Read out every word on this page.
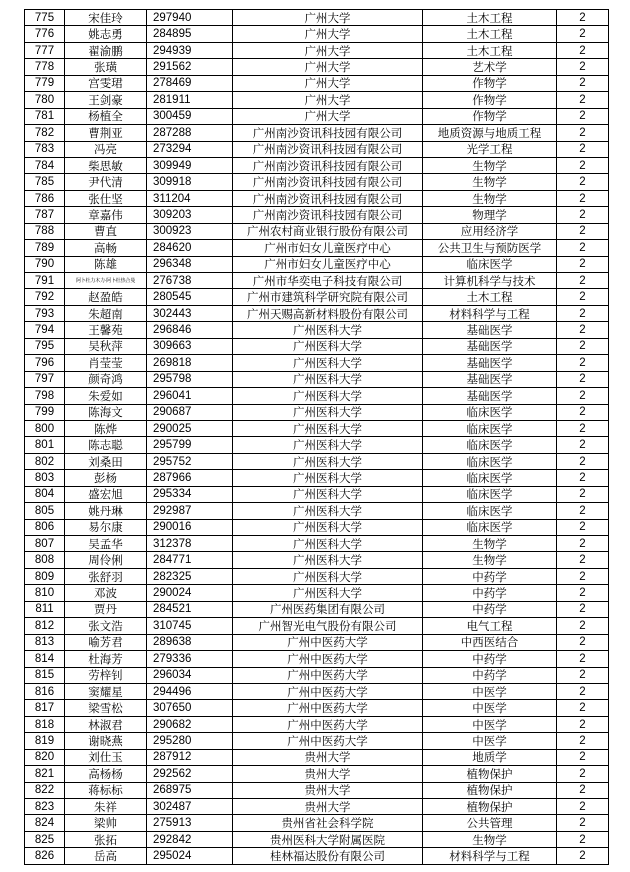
775	宋佳玲	297940	广州大学	土木工程	2
776	姚志勇	284895	广州大学	土木工程	2
777	翟渝鹏	294939	广州大学	土木工程	2
778	张璜	291562	广州大学	艺术学	2
779	宫雯珺	278469	广州大学	作物学	2
780	王剑豪	281911	广州大学	作物学	2
781	杨植全	300459	广州大学	作物学	2
782	曹荆亚	287288	广州南沙资讯科技园有限公司	地质资源与地质工程	2
783	冯亮	273294	广州南沙资讯科技园有限公司	光学工程	2
784	柴思敏	309949	广州南沙资讯科技园有限公司	生物学	2
785	尹代清	309918	广州南沙资讯科技园有限公司	生物学	2
786	张仕坚	311204	广州南沙资讯科技园有限公司	生物学	2
787	章嘉伟	309203	广州南沙资讯科技园有限公司	物理学	2
788	曹直	300923	广州农村商业银行股份有限公司	应用经济学	2
789	高畅	284620	广州市妇女儿童医疗中心	公共卫生与预防医学	2
790	陈雄	296348	广州市妇女儿童医疗中心	临床医学	2
791	阿卜杜力木力·阿卜杜热合曼	276738	广州市华奕电子科技有限公司	计算机科学与技术	2
792	赵盈皓	280545	广州市建筑科学研究院有限公司	土木工程	2
793	朱超南	302443	广州天赐高新材料股份有限公司	材料科学与工程	2
794	王馨苑	296846	广州医科大学	基础医学	2
795	吴秋萍	309663	广州医科大学	基础医学	2
796	肖莹莹	269818	广州医科大学	基础医学	2
797	颜奇鸿	295798	广州医科大学	基础医学	2
798	朱爱如	296041	广州医科大学	基础医学	2
799	陈海文	290687	广州医科大学	临床医学	2
800	陈烨	290025	广州医科大学	临床医学	2
801	陈志聪	295799	广州医科大学	临床医学	2
802	刘桑田	295752	广州医科大学	临床医学	2
803	彭杨	287966	广州医科大学	临床医学	2
804	盛宏旭	295334	广州医科大学	临床医学	2
805	姚丹琳	292987	广州医科大学	临床医学	2
806	易尔康	290016	广州医科大学	临床医学	2
807	吴孟华	312378	广州医科大学	生物学	2
808	周伶俐	284771	广州医科大学	生物学	2
809	张舒羽	282325	广州医科大学	中药学	2
810	邓波	290024	广州医科大学	中药学	2
811	贾丹	284521	广州医药集团有限公司	中药学	2
812	张文浩	310745	广州智光电气股份有限公司	电气工程	2
813	喻芳君	289638	广州中医药大学	中西医结合	2
814	杜海芳	279336	广州中医药大学	中药学	2
815	劳梓钊	296034	广州中医药大学	中药学	2
816	窦耀星	294496	广州中医药大学	中医学	2
817	梁雪松	307650	广州中医药大学	中医学	2
818	林淑君	290682	广州中医药大学	中医学	2
819	谢晓燕	295280	广州中医药大学	中医学	2
820	刘仕玉	287912	贵州大学	地质学	2
821	高杨杨	292562	贵州大学	植物保护	2
822	蒋标标	268975	贵州大学	植物保护	2
823	朱祥	302487	贵州大学	植物保护	2
824	梁帅	275913	贵州省社会科学院	公共管理	2
825	张拓	292842	贵州医科大学附属医院	生物学	2
826	岳高	295024	桂林福达股份有限公司	材料科学与工程	2
